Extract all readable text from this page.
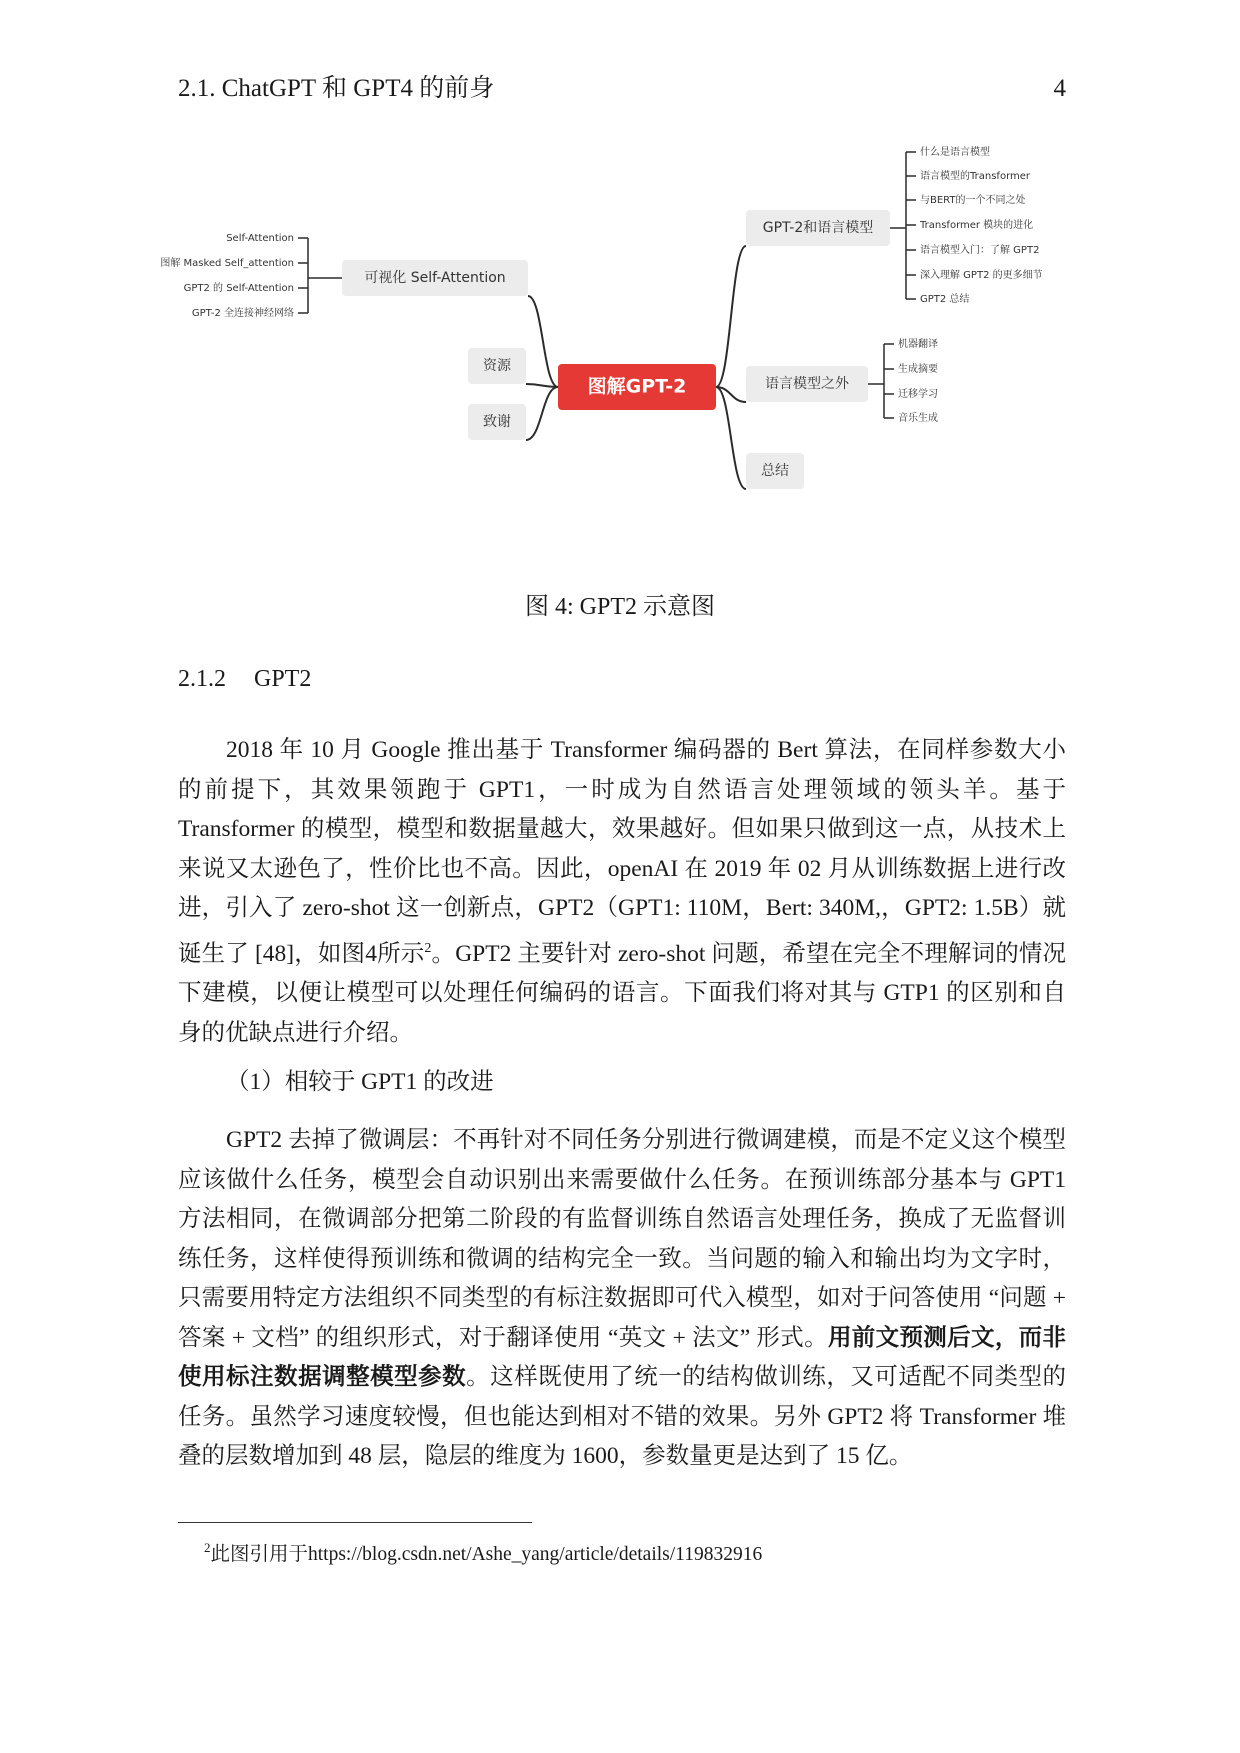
2.1. ChatGPT 和 GPT4 的前身	4
可视化 Self-Attention
Self-Attention
图解 Masked Self_attention
GPT2 的 Self-Attention
GPT-2 全连接神经网络
资源
致谢
GPT-2和语言模型
什么是语言模型
语言模型的Transformer
与BERT的一个不同之处
Transformer 模块的进化
语言模型入门：了解 GPT2
深入理解 GPT2 的更多细节
GPT2 总结
语言模型之外
机器翻译
生成摘要
迁移学习
音乐生成
总结
图解GPT-2
图 4: GPT2 示意图
2.1.2 GPT2

2018 年 10 月 Google 推出基于 Transformer 编码器的 Bert 算法，在同样参数大小的前提下，其效果领跑于 GPT1，一时成为自然语言处理领域的领头羊。基于 Transformer 的模型，模型和数据量越大，效果越好。但如果只做到这一点，从技术上来说又太逊色了，性价比也不高。因此，openAI 在 2019 年 02 月从训练数据上进行改进，引入了 zero-shot 这一创新点，GPT2（GPT1: 110M，Bert: 340M,，GPT2: 1.5B）就诞生了 [48]，如图4所示$^2$。GPT2 主要针对 zero-shot 问题，希望在完全不理解词的情况下建模，以便让模型可以处理任何编码的语言。下面我们将对其与 GTP1 的区别和自身的优缺点进行介绍。

（1）相较于 GPT1 的改进

GPT2 去掉了微调层：不再针对不同任务分别进行微调建模，而是不定义这个模型应该做什么任务，模型会自动识别出来需要做什么任务。在预训练部分基本与 GPT1 方法相同，在微调部分把第二阶段的有监督训练自然语言处理任务，换成了无监督训练任务，这样使得预训练和微调的结构完全一致。当问题的输入和输出均为文字时，只需要用特定方法组织不同类型的有标注数据即可代入模型，如对于问答使用 “问题 + 答案 + 文档” 的组织形式，对于翻译使用 “英文 + 法文” 形式。用前文预测后文，而非使用标注数据调整模型参数。这样既使用了统一的结构做训练，又可适配不同类型的任务。虽然学习速度较慢，但也能达到相对不错的效果。另外 GPT2 将 Transformer 堆叠的层数增加到 48 层，隐层的维度为 1600，参数量更是达到了 15 亿。

$^2$此图引用于https://blog.csdn.net/Ashe_yang/article/details/119832916
